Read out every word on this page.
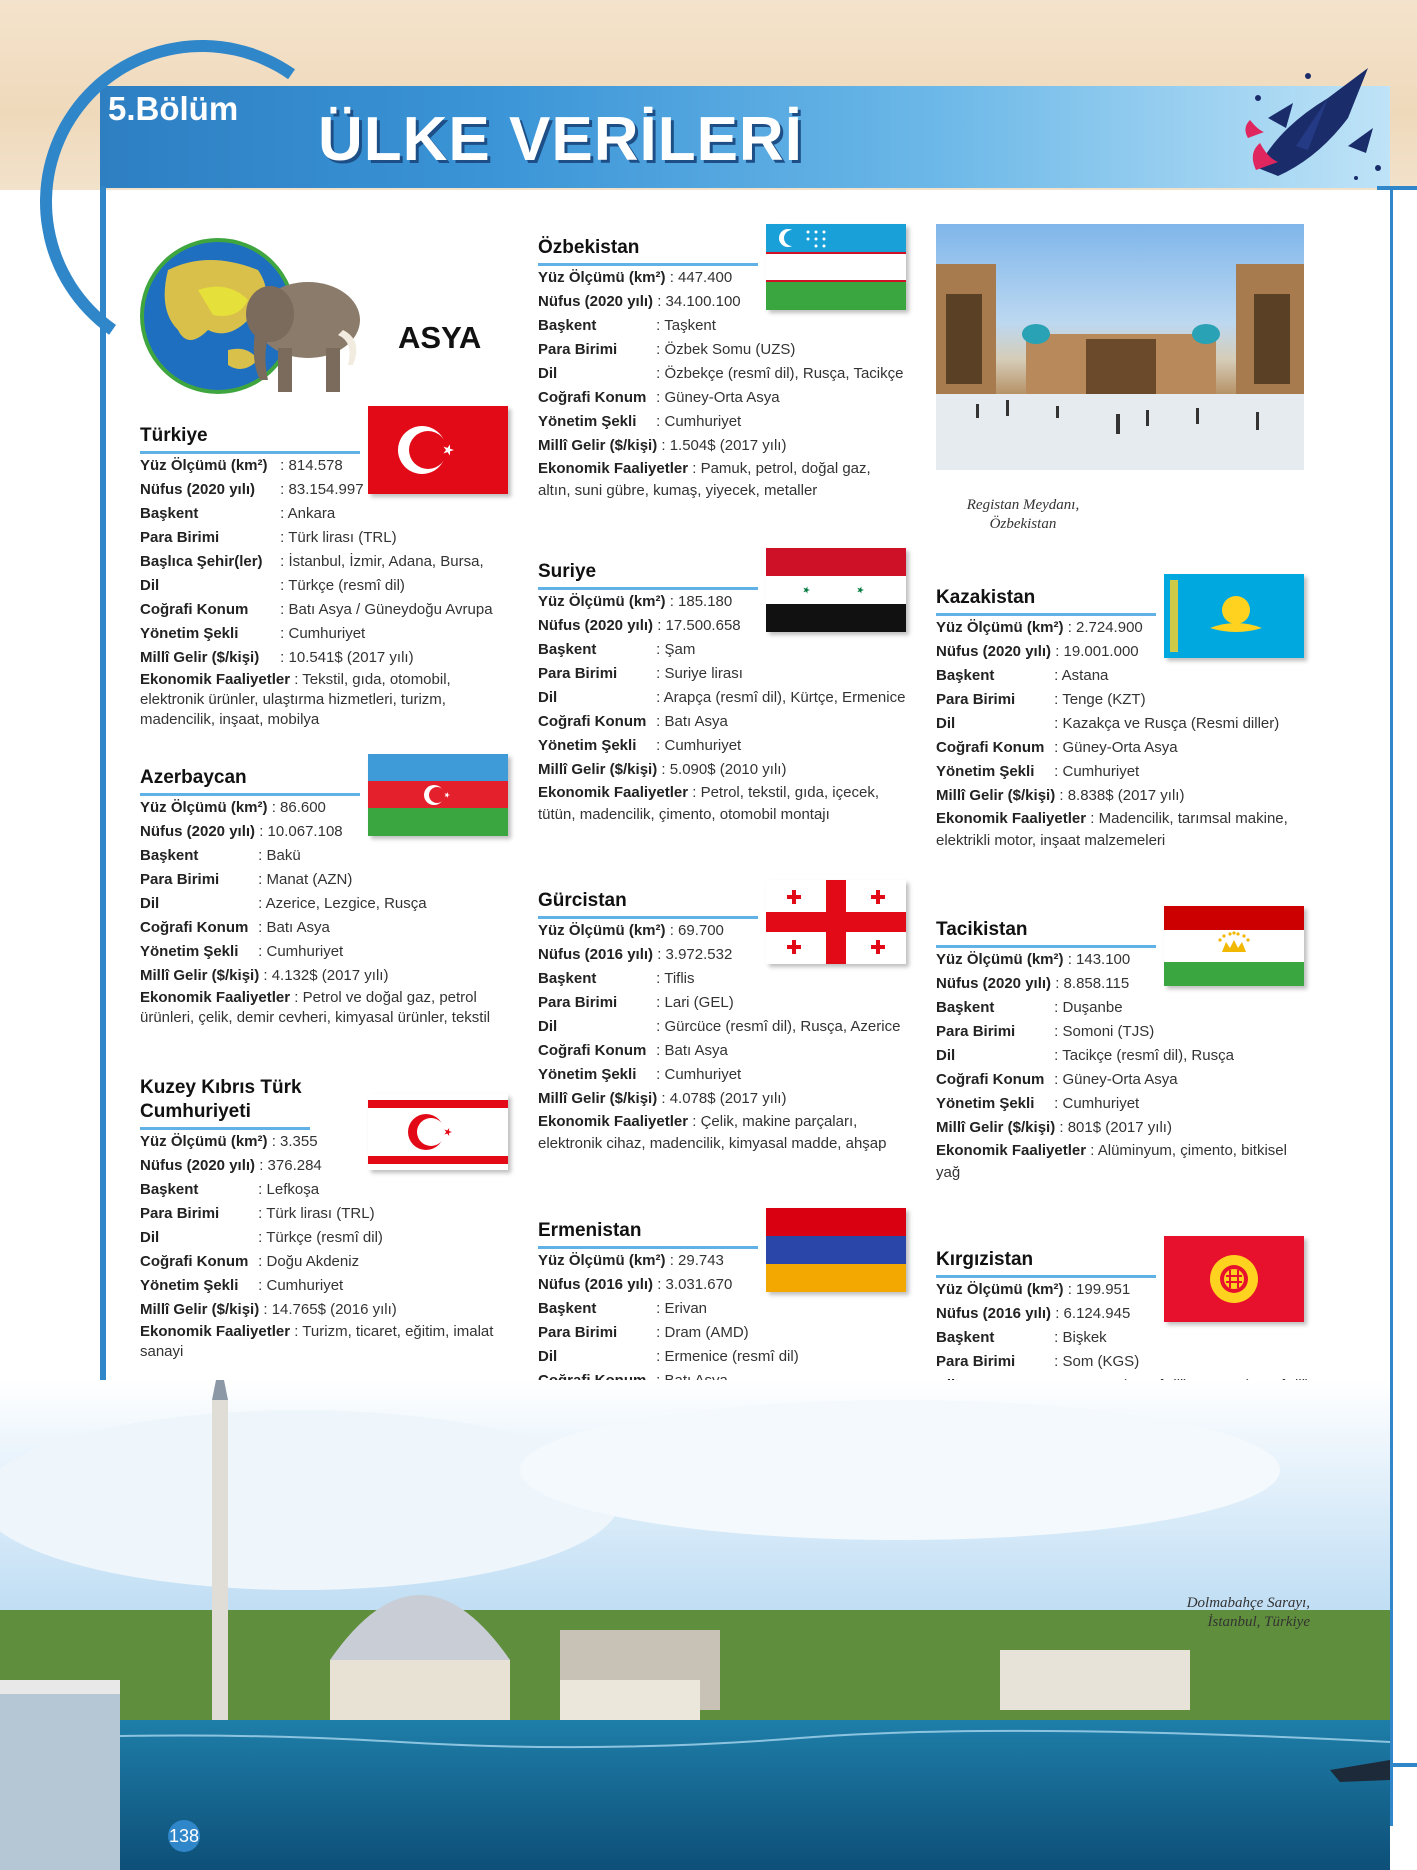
5.Bölüm ÜLKE VERİLERİ
ASYA
Türkiye
Yüz Ölçümü (km²) : 814.578
Nüfus (2020 yılı) : 83.154.997
Başkent	: Ankara
Para Birimi	: Türk lirası (TRL)
Başlıca Şehir(ler) : İstanbul, İzmir, Adana, Bursa,
Dil	: Türkçe (resmî dil)
Coğrafi Konum : Batı Asya / Güneydoğu Avrupa
Yönetim Şekli	: Cumhuriyet
Millî Gelir ($/kişi) : 10.541$ (2017 yılı)
Ekonomik Faaliyetler : Tekstil, gıda, otomobil, elektronik ürünler, ulaştırma hizmetleri, turizm, madencilik, inşaat, mobilya
Azerbaycan
Yüz Ölçümü (km²) : 86.600
Nüfus (2020 yılı) : 10.067.108
Başkent	: Bakü
Para Birimi	: Manat (AZN)
Dil	: Azerice, Lezgice, Rusça
Coğrafi Konum : Batı Asya
Yönetim Şekli : Cumhuriyet
Millî Gelir ($/kişi) : 4.132$ (2017 yılı)
Ekonomik Faaliyetler : Petrol ve doğal gaz, petrol ürünleri, çelik, demir cevheri, kimyasal ürünler, tekstil
Kuzey Kıbrıs Türk Cumhuriyeti
Yüz Ölçümü (km²) : 3.355
Nüfus (2020 yılı) : 376.284
Başkent	: Lefkoşa
Para Birimi	: Türk lirası (TRL)
Dil	: Türkçe (resmî dil)
Coğrafi Konum : Doğu Akdeniz
Yönetim Şekli : Cumhuriyet
Millî Gelir ($/kişi) : 14.765$ (2016 yılı)
Ekonomik Faaliyetler : Turizm, ticaret, eğitim, imalat sanayi
Özbekistan
Yüz Ölçümü (km²) : 447.400
Nüfus (2020 yılı) : 34.100.100
Başkent	: Taşkent
Para Birimi	: Özbek Somu (UZS)
Dil	: Özbekçe (resmî dil), Rusça, Tacikçe
Coğrafi Konum : Güney-Orta Asya
Yönetim Şekli : Cumhuriyet
Millî Gelir ($/kişi) : 1.504$ (2017 yılı)
Ekonomik Faaliyetler : Pamuk, petrol, doğal gaz, altın, suni gübre, kumaş, yiyecek, metaller
Suriye
Yüz Ölçümü (km²) : 185.180
Nüfus (2020 yılı) : 17.500.658
Başkent	: Şam
Para Birimi	: Suriye lirası
Dil	: Arapça (resmî dil), Kürtçe, Ermenice
Coğrafi Konum : Batı Asya
Yönetim Şekli : Cumhuriyet
Millî Gelir ($/kişi) : 5.090$ (2010 yılı)
Ekonomik Faaliyetler : Petrol, tekstil, gıda, içecek, tütün, madencilik, çimento, otomobil montajı
Gürcistan
Yüz Ölçümü (km²) : 69.700
Nüfus (2016 yılı) : 3.972.532
Başkent	: Tiflis
Para Birimi	: Lari (GEL)
Dil	: Gürcüce (resmî dil), Rusça, Azerice
Coğrafi Konum : Batı Asya
Yönetim Şekli : Cumhuriyet
Millî Gelir ($/kişi) : 4.078$ (2017 yılı)
Ekonomik Faaliyetler : Çelik, makine parçaları, elektronik cihaz, madencilik, kimyasal madde, ahşap
Ermenistan
Yüz Ölçümü (km²) : 29.743
Nüfus (2016 yılı) : 3.031.670
Başkent	: Erivan
Para Birimi	: Dram (AMD)
Dil	: Ermenice (resmî dil)
Registan Meydanı,
Özbekistan
Kazakistan
Yüz Ölçümü (km²) : 2.724.900
Nüfus (2020 yılı) : 19.001.000
Başkent	: Astana
Para Birimi	: Tenge (KZT)
Dil	: Kazakça ve Rusça (Resmi diller)
Coğrafi Konum : Güney-Orta Asya
Yönetim Şekli : Cumhuriyet
Millî Gelir ($/kişi) : 8.838$ (2017 yılı)
Ekonomik Faaliyetler : Madencilik, tarımsal makine, elektrikli motor, inşaat malzemeleri
Tacikistan
Yüz Ölçümü (km²) : 143.100
Nüfus (2020 yılı) : 8.858.115
Başkent	: Duşanbe
Para Birimi	: Somoni (TJS)
Dil	: Tacikçe (resmî dil), Rusça
Coğrafi Konum : Güney-Orta Asya
Yönetim Şekli : Cumhuriyet
Millî Gelir ($/kişi) : 801$ (2017 yılı)
Ekonomik Faaliyetler : Alüminyum, çimento, bitkisel yağ
Kırgızistan
Yüz Ölçümü (km²) : 199.951
Nüfus (2016 yılı) : 6.124.945
Başkent	: Bişkek
Para Birimi	: Som (KGS)
Dolmabahçe Sarayı,
İstanbul, Türkiye
138
